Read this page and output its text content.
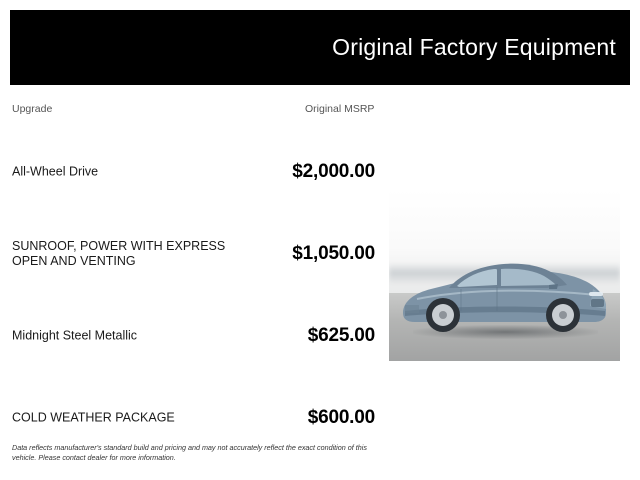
Original Factory Equipment
Upgrade	Original MSRP
All-Wheel Drive	$2,000.00
SUNROOF, POWER WITH EXPRESS OPEN AND VENTING	$1,050.00
Midnight Steel Metallic	$625.00
COLD WEATHER PACKAGE	$600.00
Data reflects manufacturer's standard build and pricing and may not accurately reflect the exact condition of this vehicle. Please contact dealer for more information.
